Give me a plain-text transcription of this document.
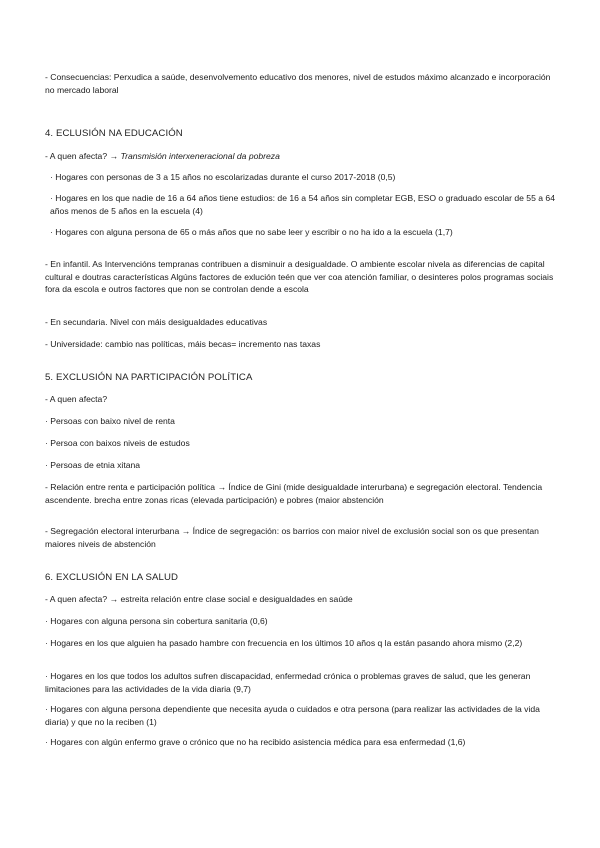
- Consecuencias: Perxudica a saúde, desenvolvemento educativo dos menores, nivel de estudos máximo alcanzado e incorporación no mercado laboral

4. ECLUSIÓN NA EDUCACIÓN

- A quen afecta? → Transmisión interxeneracional da pobreza

· Hogares con personas de 3 a 15 años no escolarizadas durante el curso 2017-2018 (0,5)

· Hogares en los que nadie de 16 a 64 años tiene estudios: de 16 a 54 años sin completar EGB, ESO o graduado escolar de 55 a 64 años menos de 5 años en la escuela (4)

· Hogares con alguna persona de 65 o más años que no sabe leer y escribir o no ha ido a la escuela (1,7)

- En infantil. As Intervencións tempranas contribuen a disminuir a desigualdade. O ambiente escolar nivela as diferencias de capital cultural e doutras características Algúns factores de exlución teén que ver coa atención familiar, o desinteres polos programas sociais fora da escola e outros factores que non se controlan dende a escola

- En secundaria. Nivel con máis desigualdades educativas

- Universidade: cambio nas políticas, máis becas= incremento nas taxas

5. EXCLUSIÓN NA PARTICIPACIÓN POLÍTICA

- A quen afecta?

· Persoas con baixo nivel de renta

· Persoa con baixos niveis de estudos

· Persoas de etnia xitana

- Relación entre renta e participación política → Índice de Gini (mide desigualdade interurbana) e segregación electoral. Tendencia ascendente. brecha entre zonas ricas (elevada participación) e pobres (maior abstención

- Segregación electoral interurbana → Índice de segregación: os barrios con maior nivel de exclusión social son os que presentan maiores niveis de abstención

6. EXCLUSIÓN EN LA SALUD

- A quen afecta? → estreita relación entre clase social e desigualdades en saúde

· Hogares con alguna persona sin cobertura sanitaria (0,6)

· Hogares en los que alguien ha pasado hambre con frecuencia en los últimos 10 años q la están pasando ahora mismo (2,2)

· Hogares en los que todos los adultos sufren discapacidad, enfermedad crónica o problemas graves de salud, que les generan limitaciones para las actividades de la vida diaria (9,7)

· Hogares con alguna persona dependiente que necesita ayuda o cuidados e otra persona (para realizar las actividades de la vida diaria) y que no la reciben (1)

· Hogares con algún enfermo grave o crónico que no ha recibido asistencia médica para esa enfermedad (1,6)
